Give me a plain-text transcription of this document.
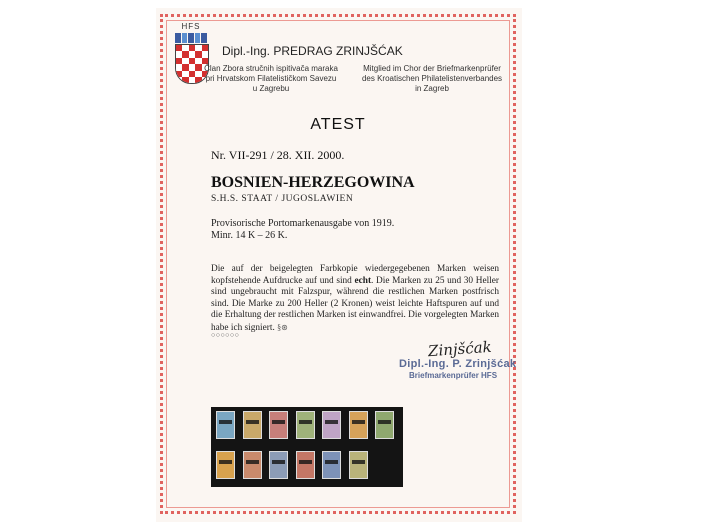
HFS
Dipl.-Ing. PREDRAG ZRINJŠĆAK
Član Zbora stručnih ispitivača maraka
pri Hrvatskom Filatelističkom Savezu
u Zagrebu
Mitglied im Chor der Briefmarkenprüfer
des Kroatischen Philatelistenverbandes
in Zagreb
ATEST
Nr. VII-291 / 28. XII. 2000.
BOSNIEN-HERZEGOWINA
S.H.S. STAAT / JUGOSLAWIEN
Provisorische Portomarkenausgabe von 1919.
Minr. 14 K – 26 K.
Die auf der beigelegten Farbkopie wiedergegebenen Marken weisen kopfstehende Aufdrucke auf und sind echt. Die Marken zu 25 und 30 Heller sind ungebraucht mit Falzspur, während die restlichen Marken postfrisch sind. Die Marke zu 200 Heller (2 Kronen) weist leichte Haftspuren auf und die Erhaltung der restlichen Marken ist einwandfrei. Die vorgelegten Marken habe ich signiert. §⊛
○○○○○○
Zinjšćak
Dipl.-Ing. P. Zrinjšćak
Briefmarkenprüfer HFS
